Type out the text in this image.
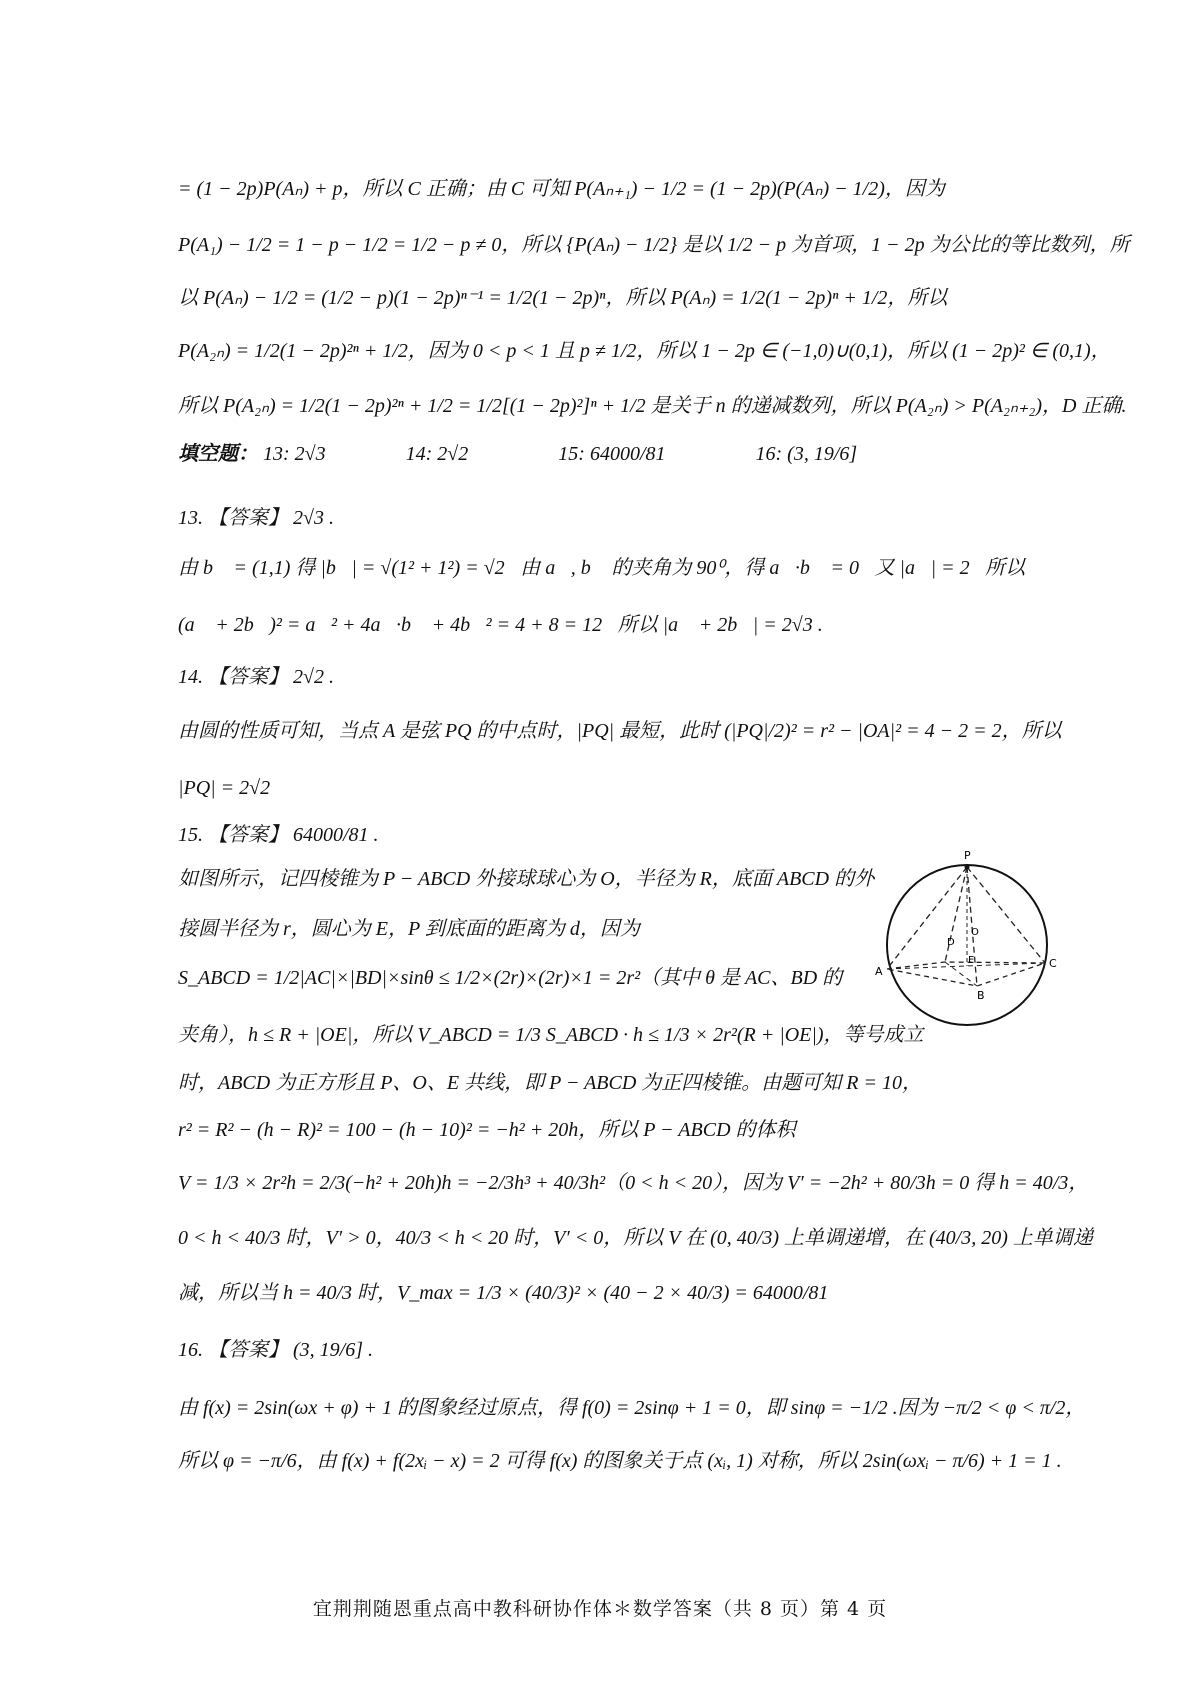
= (1 − 2p)P(Aₙ) + p，所以 C 正确；由 C 可知 P(Aₙ₊₁) − 1/2 = (1 − 2p)(P(Aₙ) − 1/2)，因为
P(A₁) − 1/2 = 1 − p − 1/2 = 1/2 − p ≠ 0，所以 {P(Aₙ) − 1/2} 是以 1/2 − p 为首项，1 − 2p 为公比的等比数列，所
以 P(Aₙ) − 1/2 = (1/2 − p)(1 − 2p)ⁿ⁻¹ = 1/2(1 − 2p)ⁿ，所以 P(Aₙ) = 1/2(1 − 2p)ⁿ + 1/2，所以
P(A₂ₙ) = 1/2(1 − 2p)²ⁿ + 1/2，因为 0 < p < 1 且 p ≠ 1/2，所以 1 − 2p ∈ (−1,0)∪(0,1)，所以 (1 − 2p)² ∈ (0,1)，
所以 P(A₂ₙ) = 1/2(1 − 2p)²ⁿ + 1/2 = 1/2[(1 − 2p)²]ⁿ + 1/2 是关于 n 的递减数列，所以 P(A₂ₙ) > P(A₂ₙ₊₂)，D 正确.
填空题： 13: 2√3	14: 2√2	15: 64000/81	16: (3, 19/6]
13. 【答案】 2√3 .
由 b⃗ = (1,1) 得 |b⃗| = √(1² + 1²) = √2，由 a⃗, b⃗ 的夹角为 90⁰，得 a⃗·b⃗ = 0，又 |a⃗| = 2，所以
(a⃗ + 2b⃗)² = a⃗² + 4a⃗·b⃗ + 4b⃗² = 4 + 8 = 12，所以 |a⃗ + 2b⃗| = 2√3 .
14. 【答案】 2√2 .
由圆的性质可知，当点 A 是弦 PQ 的中点时，|PQ| 最短，此时 (|PQ|/2)² = r² − |OA|² = 4 − 2 = 2，所以
|PQ| = 2√2
15. 【答案】 64000/81 .
如图所示，记四棱锥为 P − ABCD 外接球球心为 O，半径为 R，底面 ABCD 的外
接圆半径为 r，圆心为 E，P 到底面的距离为 d，因为
S_ABCD = 1/2|AC|×|BD|×sinθ ≤ 1/2×(2r)×(2r)×1 = 2r²（其中 θ 是 AC、BD 的
夹角），h ≤ R + |OE|，所以 V_ABCD = 1/3 S_ABCD · h ≤ 1/3 × 2r²(R + |OE|)，等号成立
时，ABCD 为正方形且 P、O、E 共线，即 P − ABCD 为正四棱锥。由题可知 R = 10，
r² = R² − (h − R)² = 100 − (h − 10)² = −h² + 20h，所以 P − ABCD 的体积
V = 1/3 × 2r²h = 2/3(−h² + 20h)h = −2/3h³ + 40/3h²（0 < h < 20），因为 V′ = −2h² + 80/3h = 0 得 h = 40/3，
0 < h < 40/3 时，V′ > 0，40/3 < h < 20 时，V′ < 0，所以 V 在 (0, 40/3) 上单调递增，在 (40/3, 20) 上单调递
减，所以当 h = 40/3 时，V_max = 1/3 × (40/3)² × (40 − 2 × 40/3) = 64000/81
16. 【答案】 (3, 19/6] .
由 f(x) = 2sin(ωx + φ) + 1 的图象经过原点，得 f(0) = 2sinφ + 1 = 0，即 sinφ = −1/2 .因为 −π/2 < φ < π/2，
所以 φ = −π/6，由 f(x) + f(2xᵢ − x) = 2 可得 f(x) 的图象关于点 (xᵢ, 1) 对称，所以 2sin(ωxᵢ − π/6) + 1 = 1 .
P
O
E
A
B
C
D
宜荆荆随恩重点高中教科研协作体＊数学答案（共 8 页）第 4 页
